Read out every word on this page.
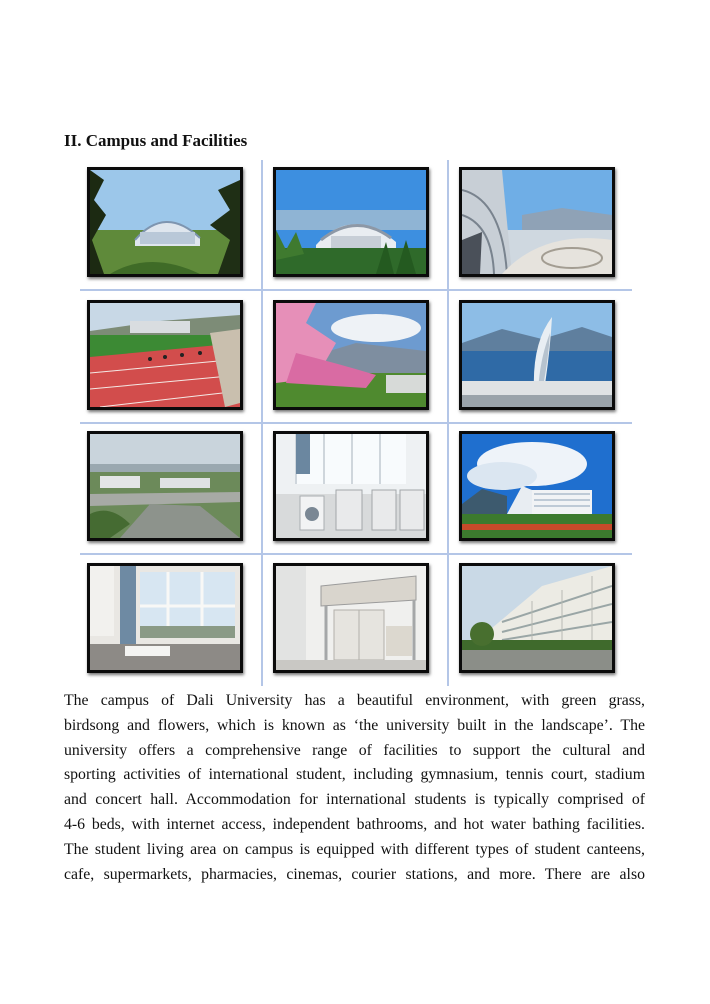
II. Campus and Facilities
The campus of Dali University has a beautiful environment, with green grass,
birdsong and flowers, which is known as ‘the university built in the landscape’. The
university offers a comprehensive range of facilities to support the cultural and
sporting activities of international student, including gymnasium, tennis court, stadium
and concert hall. Accommodation for international students is typically comprised of
4-6 beds, with internet access, independent bathrooms, and hot water bathing facilities.
The student living area on campus is equipped with different types of student canteens,
cafe, supermarkets, pharmacies, cinemas, courier stations, and more. There are also
